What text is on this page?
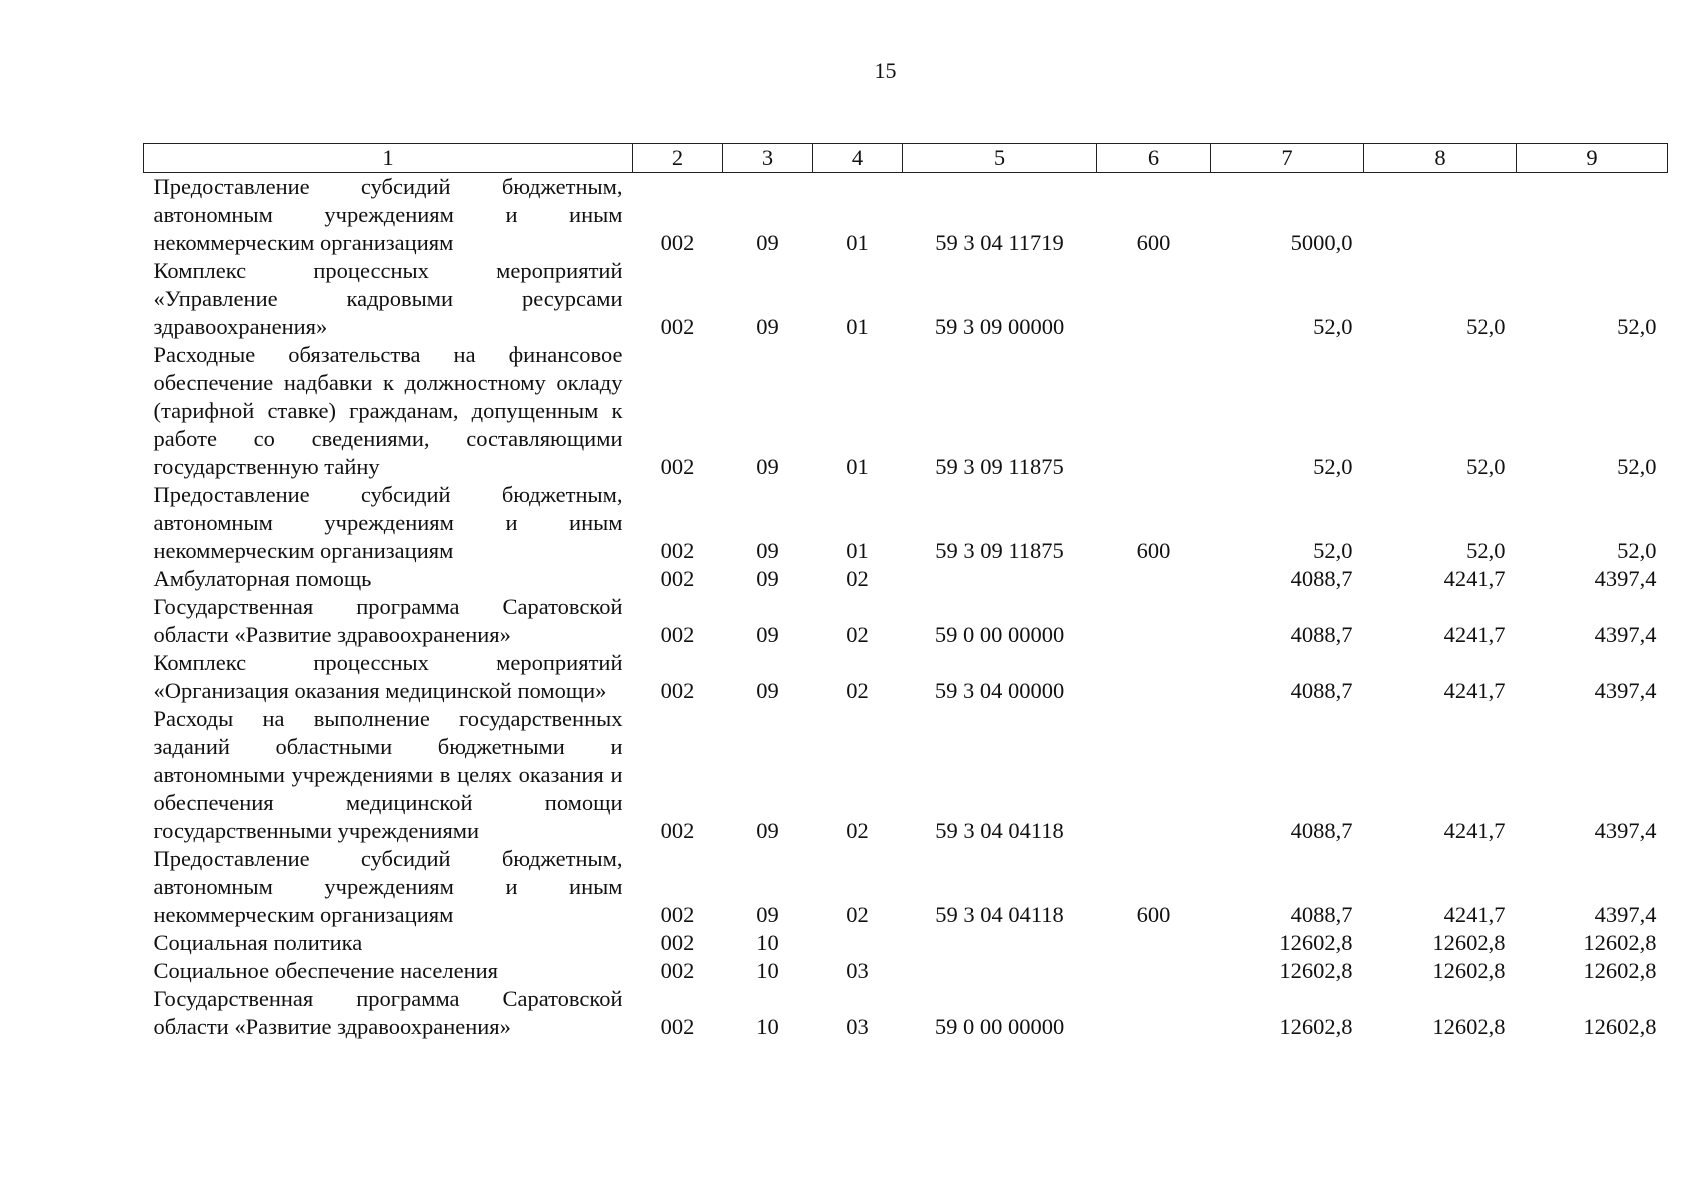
15
1	2	3	4	5	6	7	8	9
Предоставление субсидий бюджетным, автономным учреждениям и иным некоммерческим организациям	002	09	01	59 3 04 11719	600	5000,0		
Комплекс процессных мероприятий «Управление кадровыми ресурсами здравоохранения»	002	09	01	59 3 09 00000		52,0	52,0	52,0
Расходные обязательства на финансовое обеспечение надбавки к должностному окладу (тарифной ставке) гражданам, допущенным к работе со сведениями, составляющими государственную тайну	002	09	01	59 3 09 11875		52,0	52,0	52,0
Предоставление субсидий бюджетным, автономным учреждениям и иным некоммерческим организациям	002	09	01	59 3 09 11875	600	52,0	52,0	52,0
Амбулаторная помощь	002	09	02			4088,7	4241,7	4397,4
Государственная программа Саратовской области «Развитие здравоохранения»	002	09	02	59 0 00 00000		4088,7	4241,7	4397,4
Комплекс процессных мероприятий «Организация оказания медицинской помощи»	002	09	02	59 3 04 00000		4088,7	4241,7	4397,4
Расходы на выполнение государственных заданий областными бюджетными и автономными учреждениями в целях оказания и обеспечения медицинской помощи государственными учреждениями	002	09	02	59 3 04 04118		4088,7	4241,7	4397,4
Предоставление субсидий бюджетным, автономным учреждениям и иным некоммерческим организациям	002	09	02	59 3 04 04118	600	4088,7	4241,7	4397,4
Социальная политика	002	10				12602,8	12602,8	12602,8
Социальное обеспечение населения	002	10	03			12602,8	12602,8	12602,8
Государственная программа Саратовской области «Развитие здравоохранения»	002	10	03	59 0 00 00000		12602,8	12602,8	12602,8
